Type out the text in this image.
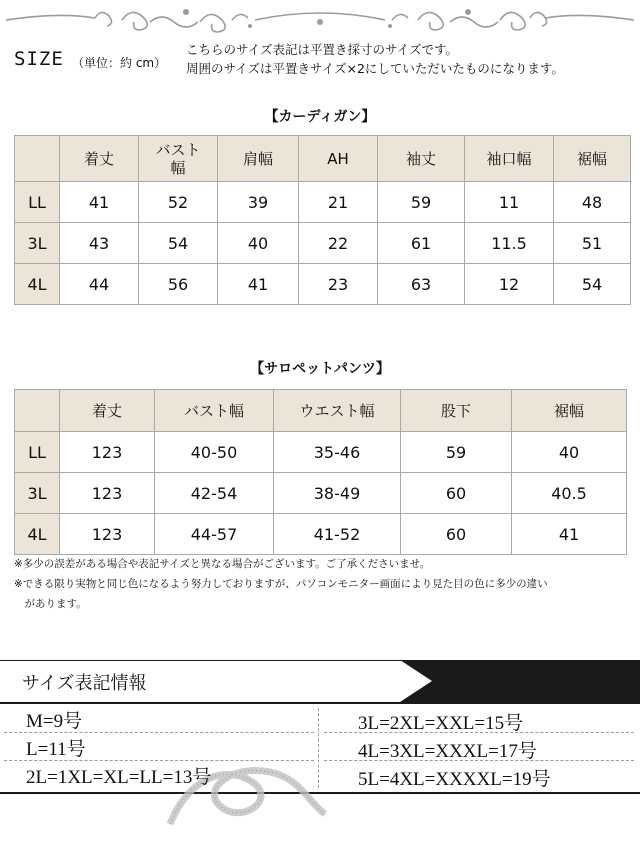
SIZE （単位：約 cm）
こちらのサイズ表記は平置き採寸のサイズです。
周囲のサイズは平置きサイズ×2にしていただいたものになります。
【カーディガン】
	着丈	バスト
幅	肩幅	AH	袖丈	袖口幅	裾幅
LL	41	52	39	21	59	11	48
3L	43	54	40	22	61	11.5	51
4L	44	56	41	23	63	12	54
【サロペットパンツ】
	着丈	バスト幅	ウエスト幅	股下	裾幅
LL	123	40-50	35-46	59	40
3L	123	42-54	38-49	60	40.5
4L	123	44-57	41-52	60	41
※多少の誤差がある場合や表記サイズと異なる場合がございます。ご了承くださいませ。
※できる限り実物と同じ色になるよう努力しておりますが、パソコンモニター画面により見た目の色に多少の違い
　があります。
サイズ表記情報
M=9号
L=11号
2L=1XL=XL=LL=13号
3L=2XL=XXL=15号
4L=3XL=XXXL=17号
5L=4XL=XXXXL=19号
